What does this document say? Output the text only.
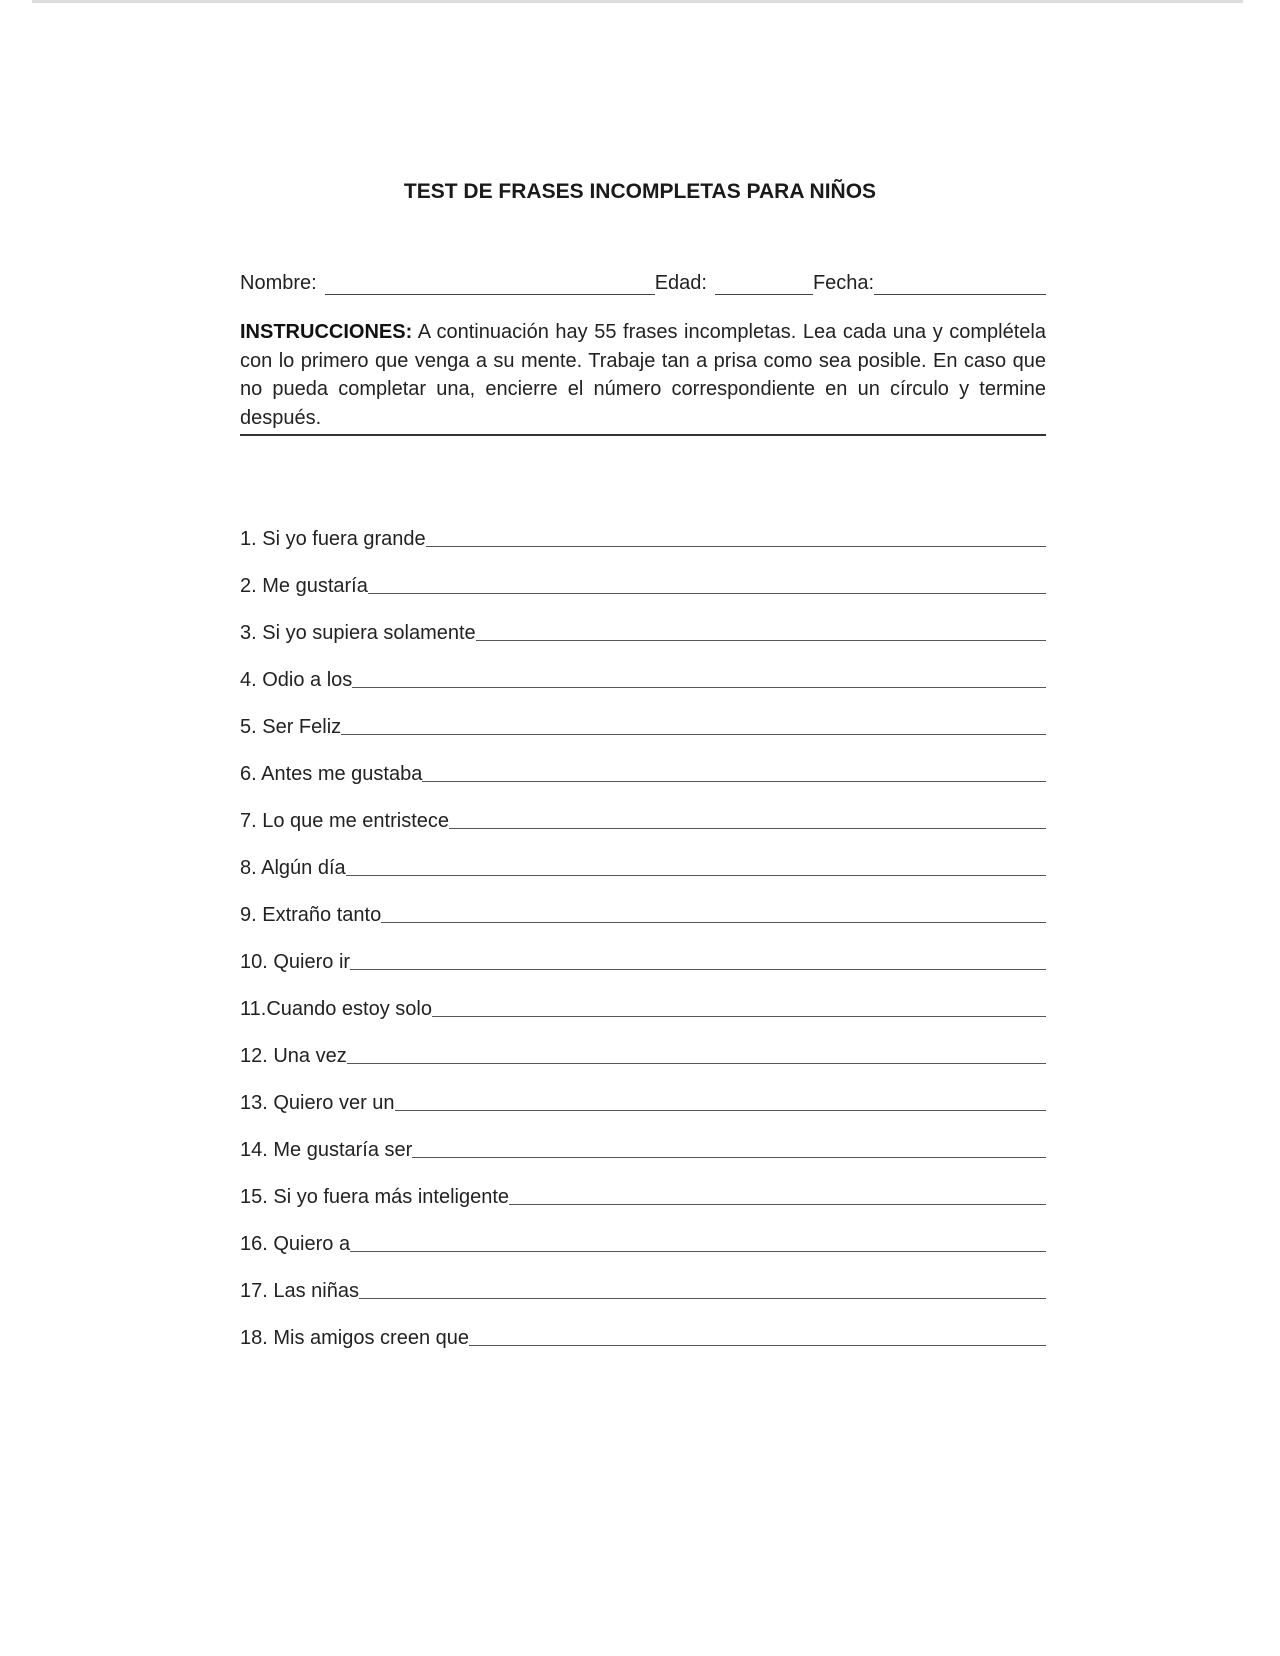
TEST DE FRASES INCOMPLETAS PARA NIÑOS
Nombre:	Edad:	Fecha:
INSTRUCCIONES: A continuación hay 55 frases incompletas. Lea cada una y complétela con lo primero que venga a su mente. Trabaje tan a prisa como sea posible. En caso que no pueda completar una, encierre el número correspondiente en un círculo y termine después.
1. Si yo fuera grande
2. Me gustaría
3. Si yo supiera solamente
4. Odio a los
5. Ser Feliz
6. Antes me gustaba
7. Lo que me entristece
8. Algún día
9. Extraño tanto
10. Quiero ir
11.Cuando estoy solo
12. Una vez
13. Quiero ver un
14. Me gustaría ser
15. Si yo fuera más inteligente
16. Quiero a
17. Las niñas
18. Mis amigos creen que
